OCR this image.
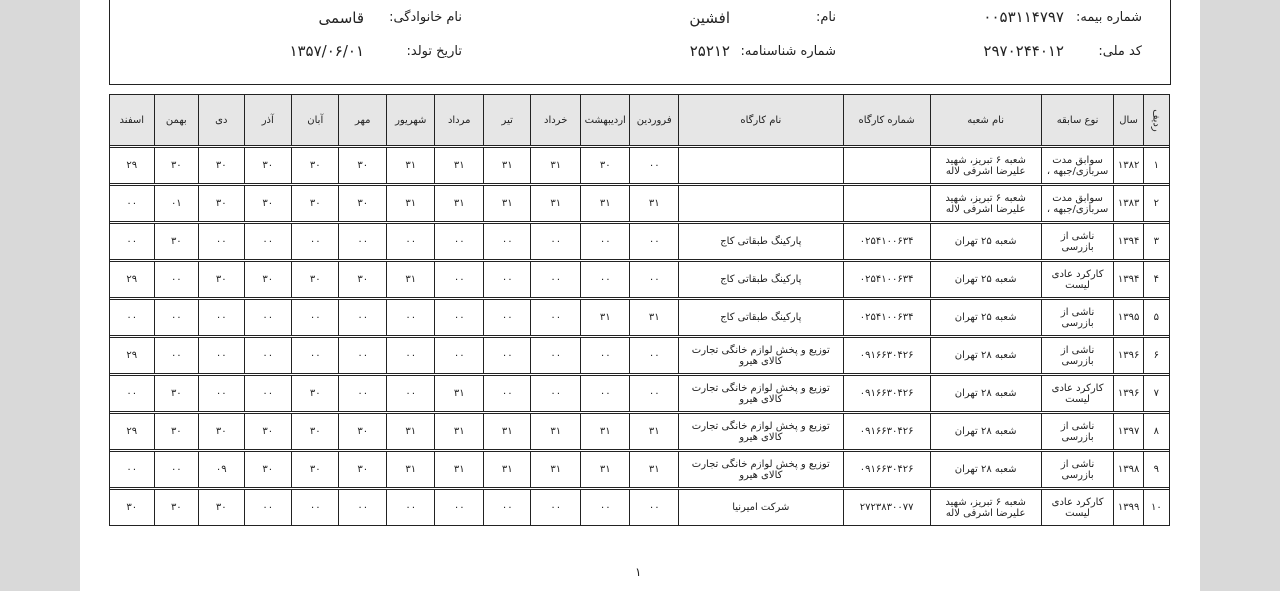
شماره بیمه:
۰۰۵۳۱۱۴۷۹۷
نام:
افشین
نام خانوادگی:
قاسمی
کد ملی:
۲۹۷۰۲۴۴۰۱۲
شماره شناسنامه:
۲۵۲۱۲
تاریخ تولد:
۱۳۵۷/۰۶/۰۱
ردیف	سال	نوع سابقه	نام شعبه	شماره کارگاه	نام کارگاه	فروردین	اردیبهشت	خرداد	تیر	مرداد	شهریور	مهر	آبان	آذر	دی	بهمن	اسفند

۱	۱۳۸۲	سوابق مدت سربازی/جبهه ،	شعبه ۶ تبریز، شهید علیرضا اشرفی لاله			۰۰	۳۰	۳۱	۳۱	۳۱	۳۱	۳۰	۳۰	۳۰	۳۰	۳۰	۲۹

۲	۱۳۸۳	سوابق مدت سربازی/جبهه ،	شعبه ۶ تبریز، شهید علیرضا اشرفی لاله			۳۱	۳۱	۳۱	۳۱	۳۱	۳۱	۳۰	۳۰	۳۰	۳۰	۰۱	۰۰

۳	۱۳۹۴	ناشی از بازرسی	شعبه ۲۵ تهران	۰۲۵۴۱۰۰۶۳۴	پارکینگ طبقاتی کاج	۰۰	۰۰	۰۰	۰۰	۰۰	۰۰	۰۰	۰۰	۰۰	۰۰	۳۰	۰۰

۴	۱۳۹۴	کارکرد عادی لیست	شعبه ۲۵ تهران	۰۲۵۴۱۰۰۶۳۴	پارکینگ طبقاتی کاج	۰۰	۰۰	۰۰	۰۰	۰۰	۳۱	۳۰	۳۰	۳۰	۳۰	۰۰	۲۹

۵	۱۳۹۵	ناشی از بازرسی	شعبه ۲۵ تهران	۰۲۵۴۱۰۰۶۳۴	پارکینگ طبقاتی کاج	۳۱	۳۱	۰۰	۰۰	۰۰	۰۰	۰۰	۰۰	۰۰	۰۰	۰۰	۰۰

۶	۱۳۹۶	ناشی از بازرسی	شعبه ۲۸ تهران	۰۹۱۶۶۳۰۴۲۶	توزیع و پخش لوازم خانگی تجارت کالای هیرو	۰۰	۰۰	۰۰	۰۰	۰۰	۰۰	۰۰	۰۰	۰۰	۰۰	۰۰	۲۹

۷	۱۳۹۶	کارکرد عادی لیست	شعبه ۲۸ تهران	۰۹۱۶۶۳۰۴۲۶	توزیع و پخش لوازم خانگی تجارت کالای هیرو	۰۰	۰۰	۰۰	۰۰	۳۱	۰۰	۰۰	۳۰	۰۰	۰۰	۳۰	۰۰

۸	۱۳۹۷	ناشی از بازرسی	شعبه ۲۸ تهران	۰۹۱۶۶۳۰۴۲۶	توزیع و پخش لوازم خانگی تجارت کالای هیرو	۳۱	۳۱	۳۱	۳۱	۳۱	۳۱	۳۰	۳۰	۳۰	۳۰	۳۰	۲۹

۹	۱۳۹۸	ناشی از بازرسی	شعبه ۲۸ تهران	۰۹۱۶۶۳۰۴۲۶	توزیع و پخش لوازم خانگی تجارت کالای هیرو	۳۱	۳۱	۳۱	۳۱	۳۱	۳۱	۳۰	۳۰	۳۰	۰۹	۰۰	۰۰

۱۰	۱۳۹۹	کارکرد عادی لیست	شعبه ۶ تبریز، شهید علیرضا اشرفی لاله	۲۷۲۳۸۳۰۰۷۷	شرکت امیرنیا	۰۰	۰۰	۰۰	۰۰	۰۰	۰۰	۰۰	۰۰	۰۰	۳۰	۳۰	۳۰
۱
